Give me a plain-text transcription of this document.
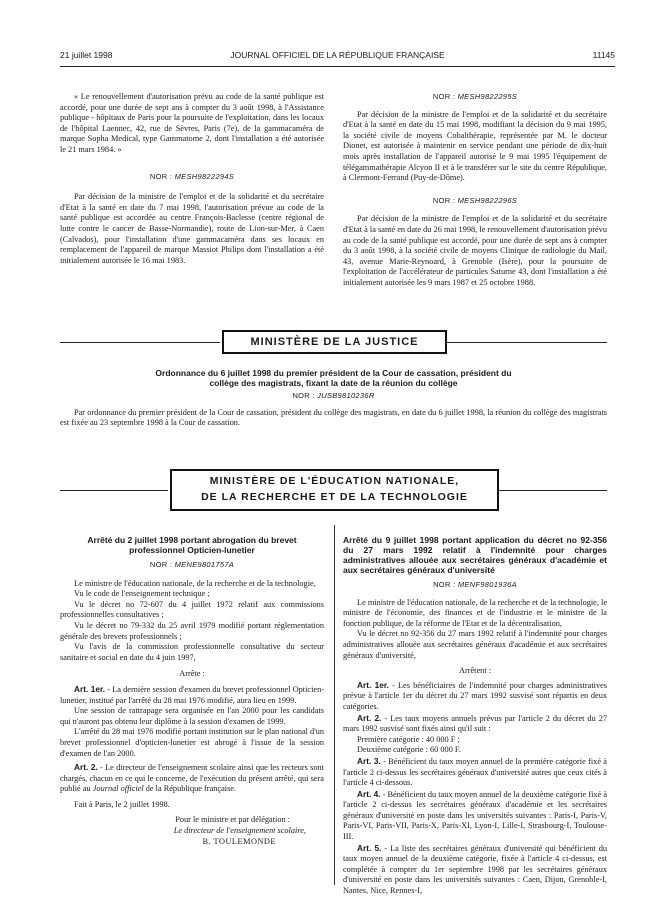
21 juillet 1998	JOURNAL OFFICIEL DE LA RÉPUBLIQUE FRANÇAISE	11145

« Le renouvellement d'autorisation prévu au code de la santé publique est accordé, pour une durée de sept ans à compter du 3 août 1998, à l'Assistance publique - hôpitaux de Paris pour la poursuite de l'exploitation, dans les locaux de l'hôpital Laennec, 42, rue de Sèvres, Paris (7e), de la gammacaméra de marque Sopha Medical, type Gammatome 2, dont l'installation a été autorisée le 21 mars 1984. »

NOR : MESH9822294S

Par décision de la ministre de l'emploi et de la solidarité et du secrétaire d'Etat à la santé en date du 7 mai 1998, l'autorisation prévue au code de la santé publique est accordée au centre François-Baclesse (centre régional de lutte contre le cancer de Basse-Normandie), route de Lion-sur-Mer, à Caen (Calvados), pour l'installation d'une gammacaméra dans ses locaux en remplacement de l'appareil de marque Massiot Philips dont l'installation a été initialement autorisée le 16 mai 1983.

NOR : MESH9822295S

Par décision de la ministre de l'emploi et de la solidarité et du secrétaire d'Etat à la santé en date du 15 mai 1998, modifiant la décision du 9 mai 1995, la société civile de moyens Cobalthérapie, représentée par M. le docteur Dionet, est autorisée à maintenir en service pendant une période de dix-huit mois après installation de l'appareil autorisé le 9 mai 1995 l'équipement de télégammathérapie Alcyon II et à le transférer sur le site du centre République, à Clermont-Ferrand (Puy-de-Dôme).

NOR : MESH9822296S

Par décision de la ministre de l'emploi et de la solidarité et du secrétaire d'Etat à la santé en date du 26 mai 1998, le renouvellement d'autorisation prévu au code de la santé publique est accordé, pour une durée de sept ans à compter du 3 août 1998, à la société civile de moyens Clinique de radiologie du Mail, 43, avenue Marie-Reynoard, à Grenoble (Isère), pour la poursuite de l'exploitation de l'accélérateur de particules Saturne 43, dont l'installation a été initialement autorisée les 9 mars 1987 et 25 octobre 1988.

MINISTÈRE DE LA JUSTICE

Ordonnance du 6 juillet 1998 du premier président de la Cour de cassation, président du collège des magistrats, fixant la date de la réunion du collège

NOR : JUSB9810236R

Par ordonnance du premier président de la Cour de cassation, président du collège des magistrats, en date du 6 juillet 1998, la réunion du collège des magistrats est fixée au 23 septembre 1998 à la Cour de cassation.

MINISTÈRE DE L'ÉDUCATION NATIONALE,
DE LA RECHERCHE ET DE LA TECHNOLOGIE

Arrêté du 2 juillet 1998 portant abrogation du brevet professionnel Opticien-lunetier

NOR : MENE9801757A

Le ministre de l'éducation nationale, de la recherche et de la technologie,

Vu le code de l'enseignement technique ;

Vu le décret no 72-607 du 4 juillet 1972 relatif aux commissions professionnelles consultatives ;

Vu le décret no 79-332 du 25 avril 1979 modifié portant réglementation générale des brevets professionnels ;

Vu l'avis de la commission professionnelle consultative du secteur sanitaire et social en date du 4 juin 1997,

Arrête :

Art. 1er. - La dernière session d'examen du brevet professionnel Opticien-lunetier, institué par l'arrêté du 28 mai 1976 modifié, aura lieu en 1999.

Une session de rattrapage sera organisée en l'an 2000 pour les candidats qui n'auront pas obtenu leur diplôme à la session d'examen de 1999.

L'arrêté du 28 mai 1976 modifié portant institution sur le plan national d'un brevet professionnel d'opticien-lunetier est abrogé à l'issue de la session d'examen de l'an 2000.

Art. 2. - Le directeur de l'enseignement scolaire ainsi que les recteurs sont chargés, chacun en ce qui le concerne, de l'exécution du présent arrêté, qui sera publié au Journal officiel de la République française.

Fait à Paris, le 2 juillet 1998.

Pour le ministre et par délégation :

Le directeur de l'enseignement scolaire,

B. TOULEMONDE

Arrêté du 9 juillet 1998 portant application du décret no 92-356 du 27 mars 1992 relatif à l'indemnité pour charges administratives allouée aux secrétaires généraux d'académie et aux secrétaires généraux d'université

NOR : MENF9801936A

Le ministre de l'éducation nationale, de la recherche et de la technologie, le ministre de l'économie, des finances et de l'industrie et le ministre de la fonction publique, de la réforme de l'Etat et de la décentralisation,

Vu le décret no 92-356 du 27 mars 1992 relatif à l'indemnité pour charges administratives allouée aux secrétaires généraux d'académie et aux secrétaires généraux d'université,

Arrêtent :

Art. 1er. - Les bénéficiaires de l'indemnité pour charges administratives prévue à l'article 1er du décret du 27 mars 1992 susvisé sont répartis en deux catégories.

Art. 2. - Les taux moyens annuels prévus par l'article 2 du décret du 27 mars 1992 susvisé sont fixés ainsi qu'il suit :

Première catégorie : 40 000 F ;

Deuxième catégorie : 60 000 F.

Art. 3. - Bénéficient du taux moyen annuel de la première catégorie fixé à l'article 2 ci-dessus les secrétaires généraux d'université autres que ceux cités à l'article 4 ci-dessous.

Art. 4. - Bénéficient du taux moyen annuel de la deuxième catégorie fixé à l'article 2 ci-dessus les secrétaires généraux d'académie et les secrétaires généraux d'université en poste dans les universités suivantes : Paris-I, Paris-V, Paris-VI, Paris-VII, Paris-X, Paris-XI, Lyon-I, Lille-I, Strasbourg-I, Toulouse-III.

Art. 5. - La liste des secrétaires généraux d'université qui bénéficient du taux moyen annuel de la deuxième catégorie, fixée à l'article 4 ci-dessus, est complétée à compter du 1er septembre 1998 par les secrétaires généraux d'université en poste dans les universités suivantes : Caen, Dijon, Grenoble-I, Nantes, Nice, Rennes-I,
